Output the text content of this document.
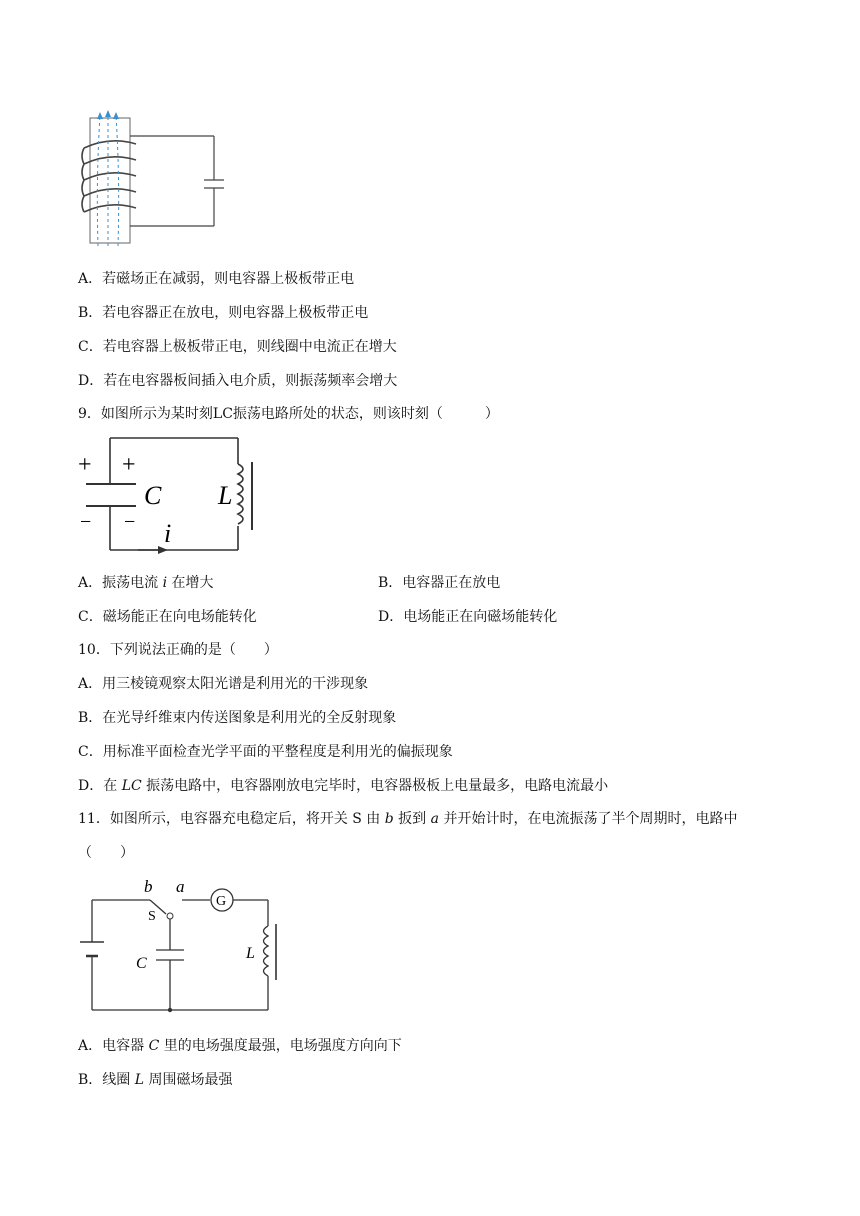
A．若磁场正在减弱，则电容器上极板带正电
B．若电容器正在放电，则电容器上极板带正电
C．若电容器上极板带正电，则线圈中电流正在增大
D．若在电容器板间插入电介质，则振荡频率会增大
9．如图所示为某时刻LC振荡电路所处的状态，则该时刻（　　　）
+ +
− −
C L
i
A．振荡电流 i 在增大	B．电容器正在放电
C．磁场能正在向电场能转化	D．电场能正在向磁场能转化
10．下列说法正确的是（　　）
A．用三棱镜观察太阳光谱是利用光的干涉现象
B．在光导纤维束内传送图象是利用光的全反射现象
C．用标准平面检查光学平面的平整程度是利用光的偏振现象
D．在 LC 振荡电路中，电容器刚放电完毕时，电容器极板上电量最多，电路电流最小
11．如图所示，电容器充电稳定后，将开关 S 由 b 扳到 a 并开始计时，在电流振荡了半个周期时，电路中
（　　）
b a
G
S
C
L
A．电容器 C 里的电场强度最强，电场强度方向向下
B．线圈 L 周围磁场最强
